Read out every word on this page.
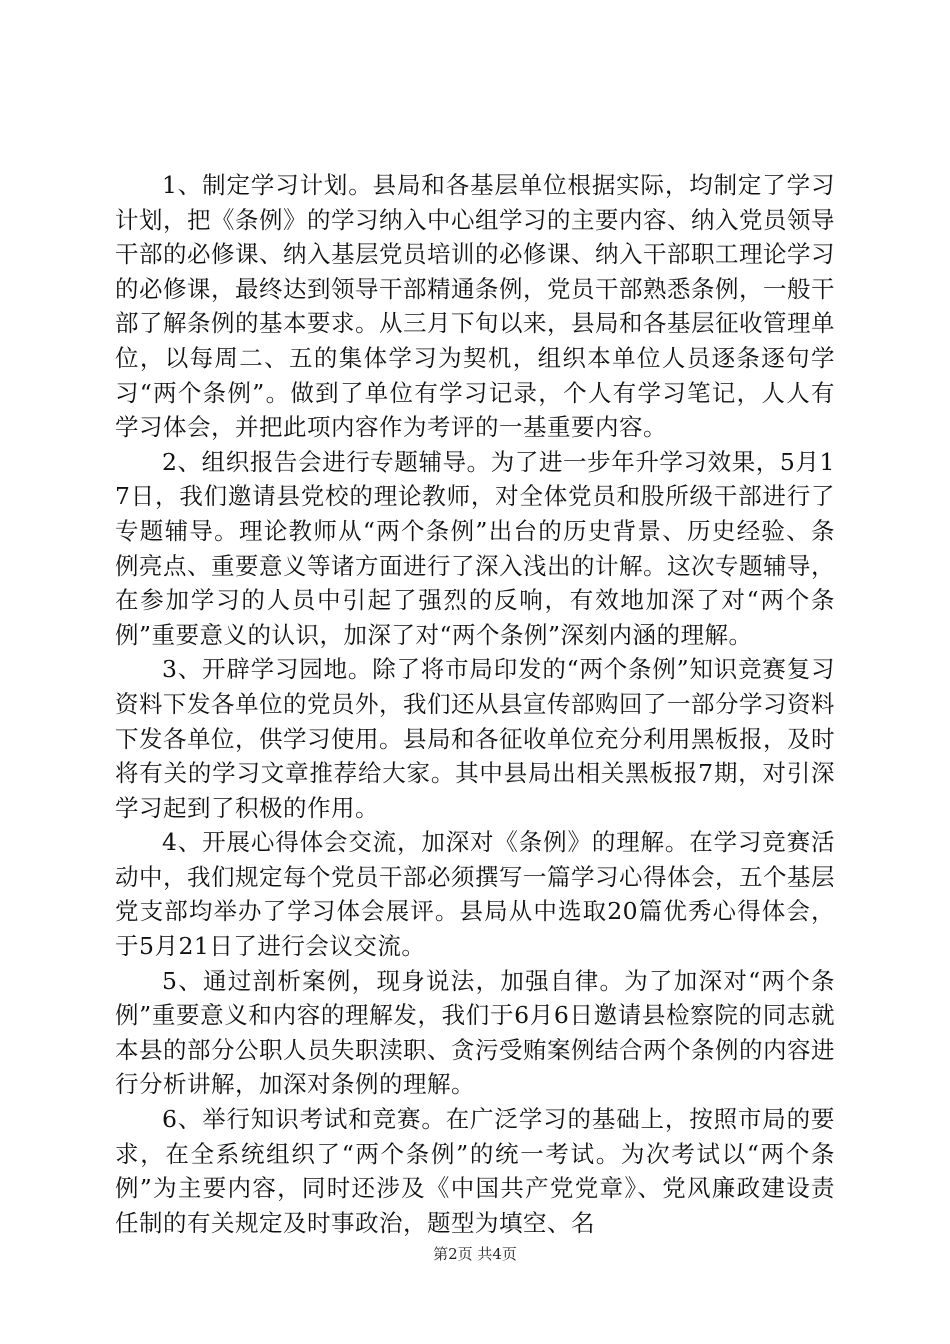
1、制定学习计划。县局和各基层单位根据实际，均制定了学习计划，把《条例》的学习纳入中心组学习的主要内容、纳入党员领导干部的必修课、纳入基层党员培训的必修课、纳入干部职工理论学习的必修课，最终达到领导干部精通条例，党员干部熟悉条例，一般干部了解条例的基本要求。从三月下旬以来，县局和各基层征收管理单位，以每周二、五的集体学习为契机，组织本单位人员逐条逐句学习“两个条例”。做到了单位有学习记录，个人有学习笔记，人人有学习体会，并把此项内容作为考评的一基重要内容。

2、组织报告会进行专题辅导。为了进一步年升学习效果，5月17日，我们邀请县党校的理论教师，对全体党员和股所级干部进行了专题辅导。理论教师从“两个条例”出台的历史背景、历史经验、条例亮点、重要意义等诸方面进行了深入浅出的计解。这次专题辅导，在参加学习的人员中引起了强烈的反响，有效地加深了对“两个条例”重要意义的认识，加深了对“两个条例”深刻内涵的理解。

3、开辟学习园地。除了将市局印发的“两个条例”知识竞赛复习资料下发各单位的党员外，我们还从县宣传部购回了一部分学习资料下发各单位，供学习使用。县局和各征收单位充分利用黑板报，及时将有关的学习文章推荐给大家。其中县局出相关黑板报7期，对引深学习起到了积极的作用。

4、开展心得体会交流，加深对《条例》的理解。在学习竞赛活动中，我们规定每个党员干部必须撰写一篇学习心得体会，五个基层党支部均举办了学习体会展评。县局从中选取20篇优秀心得体会，于5月21日了进行会议交流。

5、通过剖析案例，现身说法，加强自律。为了加深对“两个条例”重要意义和内容的理解发，我们于6月6日邀请县检察院的同志就本县的部分公职人员失职渎职、贪污受贿案例结合两个条例的内容进行分析讲解，加深对条例的理解。

6、举行知识考试和竞赛。在广泛学习的基础上，按照市局的要求，在全系统组织了“两个条例”的统一考试。为次考试以“两个条例”为主要内容，同时还涉及《中国共产党党章》、党风廉政建设责任制的有关规定及时事政治，题型为填空、名

第2页 共4页
